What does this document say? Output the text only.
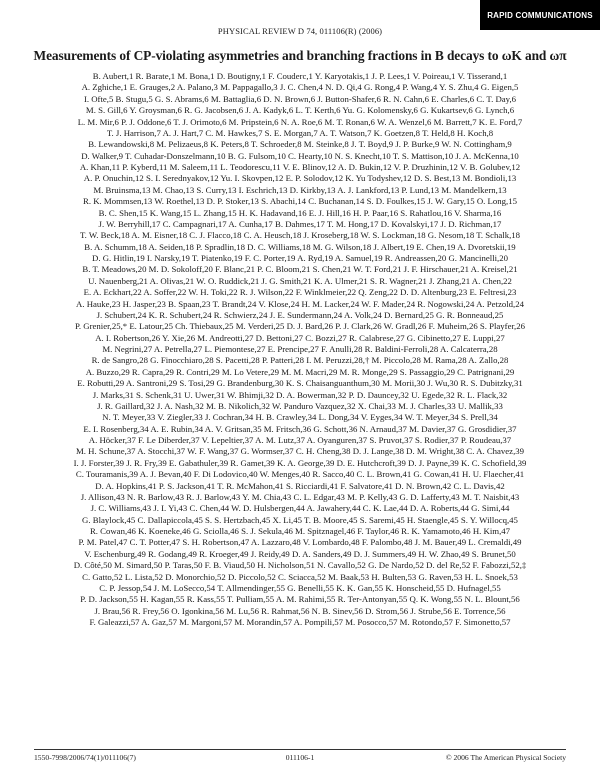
RAPID COMMUNICATIONS
PHYSICAL REVIEW D 74, 011106(R) (2006)
Measurements of CP-violating asymmetries and branching fractions in B decays to ωK and ωπ
B. Aubert,1 R. Barate,1 M. Bona,1 D. Boutigny,1 F. Couderc,1 Y. Karyotakis,1 J. P. Lees,1 V. Poireau,1 V. Tisserand,1
A. Zghiche,1 E. Grauges,2 A. Palano,3 M. Pappagallo,3 J. C. Chen,4 N. D. Qi,4 G. Rong,4 P. Wang,4 Y. S. Zhu,4 G. Eigen,5
I. Ofte,5 B. Stugu,5 G. S. Abrams,6 M. Battaglia,6 D. N. Brown,6 J. Button-Shafer,6 R. N. Cahn,6 E. Charles,6 C. T. Day,6
M. S. Gill,6 Y. Groysman,6 R. G. Jacobsen,6 J. A. Kadyk,6 L. T. Kerth,6 Yu. G. Kolomensky,6 G. Kukartsev,6 G. Lynch,6
L. M. Mir,6 P. J. Oddone,6 T. J. Orimoto,6 M. Pripstein,6 N. A. Roe,6 M. T. Ronan,6 W. A. Wenzel,6 M. Barrett,7 K. E. Ford,7
T. J. Harrison,7 A. J. Hart,7 C. M. Hawkes,7 S. E. Morgan,7 A. T. Watson,7 K. Goetzen,8 T. Held,8 H. Koch,8
B. Lewandowski,8 M. Pelizaeus,8 K. Peters,8 T. Schroeder,8 M. Steinke,8 J. T. Boyd,9 J. P. Burke,9 W. N. Cottingham,9
D. Walker,9 T. Cuhadar-Donszelmann,10 B. G. Fulsom,10 C. Hearty,10 N. S. Knecht,10 T. S. Mattison,10 J. A. McKenna,10
A. Khan,11 P. Kyberd,11 M. Saleem,11 L. Teodorescu,11 V. E. Blinov,12 A. D. Bukin,12 V. P. Druzhinin,12 V. B. Golubev,12
A. P. Onuchin,12 S. I. Serednyakov,12 Yu. I. Skovpen,12 E. P. Solodov,12 K. Yu Todyshev,12 D. S. Best,13 M. Bondioli,13
M. Bruinsma,13 M. Chao,13 S. Curry,13 I. Eschrich,13 D. Kirkby,13 A. J. Lankford,13 P. Lund,13 M. Mandelkern,13
R. K. Mommsen,13 W. Roethel,13 D. P. Stoker,13 S. Abachi,14 C. Buchanan,14 S. D. Foulkes,15 J. W. Gary,15 O. Long,15
B. C. Shen,15 K. Wang,15 L. Zhang,15 H. K. Hadavand,16 E. J. Hill,16 H. P. Paar,16 S. Rahatlou,16 V. Sharma,16
J. W. Berryhill,17 C. Campagnari,17 A. Cunha,17 B. Dahmes,17 T. M. Hong,17 D. Kovalskyi,17 J. D. Richman,17
T. W. Beck,18 A. M. Eisner,18 C. J. Flacco,18 C. A. Heusch,18 J. Kroseberg,18 W. S. Lockman,18 G. Nesom,18 T. Schalk,18
B. A. Schumm,18 A. Seiden,18 P. Spradlin,18 D. C. Williams,18 M. G. Wilson,18 J. Albert,19 E. Chen,19 A. Dvoretskii,19
D. G. Hitlin,19 I. Narsky,19 T. Piatenko,19 F. C. Porter,19 A. Ryd,19 A. Samuel,19 R. Andreassen,20 G. Mancinelli,20
B. T. Meadows,20 M. D. Sokoloff,20 F. Blanc,21 P. C. Bloom,21 S. Chen,21 W. T. Ford,21 J. F. Hirschauer,21 A. Kreisel,21
U. Nauenberg,21 A. Olivas,21 W. O. Ruddick,21 J. G. Smith,21 K. A. Ulmer,21 S. R. Wagner,21 J. Zhang,21 A. Chen,22
E. A. Eckhart,22 A. Soffer,22 W. H. Toki,22 R. J. Wilson,22 F. Winklmeier,22 Q. Zeng,22 D. D. Altenburg,23 E. Feltresi,23
A. Hauke,23 H. Jasper,23 B. Spaan,23 T. Brandt,24 V. Klose,24 H. M. Lacker,24 W. F. Mader,24 R. Nogowski,24 A. Petzold,24
J. Schubert,24 K. R. Schubert,24 R. Schwierz,24 J. E. Sundermann,24 A. Volk,24 D. Bernard,25 G. R. Bonneaud,25
P. Grenier,25,* E. Latour,25 Ch. Thiebaux,25 M. Verderi,25 D. J. Bard,26 P. J. Clark,26 W. Gradl,26 F. Muheim,26 S. Playfer,26
A. I. Robertson,26 Y. Xie,26 M. Andreotti,27 D. Bettoni,27 C. Bozzi,27 R. Calabrese,27 G. Cibinetto,27 E. Luppi,27
M. Negrini,27 A. Petrella,27 L. Piemontese,27 E. Prencipe,27 F. Anulli,28 R. Baldini-Ferroli,28 A. Calcaterra,28
R. de Sangro,28 G. Finocchiaro,28 S. Pacetti,28 P. Patteri,28 I. M. Peruzzi,28,† M. Piccolo,28 M. Rama,28 A. Zallo,28
A. Buzzo,29 R. Capra,29 R. Contri,29 M. Lo Vetere,29 M. M. Macri,29 M. R. Monge,29 S. Passaggio,29 C. Patrignani,29
E. Robutti,29 A. Santroni,29 S. Tosi,29 G. Brandenburg,30 K. S. Chaisanguanthum,30 M. Morii,30 J. Wu,30 R. S. Dubitzky,31
J. Marks,31 S. Schenk,31 U. Uwer,31 W. Bhimji,32 D. A. Bowerman,32 P. D. Dauncey,32 U. Egede,32 R. L. Flack,32
J. R. Gaillard,32 J. A. Nash,32 M. B. Nikolich,32 W. Panduro Vazquez,32 X. Chai,33 M. J. Charles,33 U. Mallik,33
N. T. Meyer,33 V. Ziegler,33 J. Cochran,34 H. B. Crawley,34 L. Dong,34 V. Eyges,34 W. T. Meyer,34 S. Prell,34
E. I. Rosenberg,34 A. E. Rubin,34 A. V. Gritsan,35 M. Fritsch,36 G. Schott,36 N. Arnaud,37 M. Davier,37 G. Grosdidier,37
A. Höcker,37 F. Le Diberder,37 V. Lepeltier,37 A. M. Lutz,37 A. Oyanguren,37 S. Pruvot,37 S. Rodier,37 P. Roudeau,37
M. H. Schune,37 A. Stocchi,37 W. F. Wang,37 G. Wormser,37 C. H. Cheng,38 D. J. Lange,38 D. M. Wright,38 C. A. Chavez,39
I. J. Forster,39 J. R. Fry,39 E. Gabathuler,39 R. Gamet,39 K. A. George,39 D. E. Hutchcroft,39 D. J. Payne,39 K. C. Schofield,39
C. Touramanis,39 A. J. Bevan,40 F. Di Lodovico,40 W. Menges,40 R. Sacco,40 C. L. Brown,41 G. Cowan,41 H. U. Flaecher,41
D. A. Hopkins,41 P. S. Jackson,41 T. R. McMahon,41 S. Ricciardi,41 F. Salvatore,41 D. N. Brown,42 C. L. Davis,42
J. Allison,43 N. R. Barlow,43 R. J. Barlow,43 Y. M. Chia,43 C. L. Edgar,43 M. P. Kelly,43 G. D. Lafferty,43 M. T. Naisbit,43
J. C. Williams,43 J. I. Yi,43 C. Chen,44 W. D. Hulsbergen,44 A. Jawahery,44 C. K. Lae,44 D. A. Roberts,44 G. Simi,44
G. Blaylock,45 C. Dallapiccola,45 S. S. Hertzbach,45 X. Li,45 T. B. Moore,45 S. Saremi,45 H. Staengle,45 S. Y. Willocq,45
R. Cowan,46 K. Koeneke,46 G. Sciolla,46 S. J. Sekula,46 M. Spitznagel,46 F. Taylor,46 R. K. Yamamoto,46 H. Kim,47
P. M. Patel,47 C. T. Potter,47 S. H. Robertson,47 A. Lazzaro,48 V. Lombardo,48 F. Palombo,48 J. M. Bauer,49 L. Cremaldi,49
V. Eschenburg,49 R. Godang,49 R. Kroeger,49 J. Reidy,49 D. A. Sanders,49 D. J. Summers,49 H. W. Zhao,49 S. Brunet,50
D. Côté,50 M. Simard,50 P. Taras,50 F. B. Viaud,50 H. Nicholson,51 N. Cavallo,52 G. De Nardo,52 D. del Re,52 F. Fabozzi,52,‡
C. Gatto,52 L. Lista,52 D. Monorchio,52 D. Piccolo,52 C. Sciacca,52 M. Baak,53 H. Bulten,53 G. Raven,53 H. L. Snoek,53
C. P. Jessop,54 J. M. LoSecco,54 T. Allmendinger,55 G. Benelli,55 K. K. Gan,55 K. Honscheid,55 D. Hufnagel,55
P. D. Jackson,55 H. Kagan,55 R. Kass,55 T. Pulliam,55 A. M. Rahimi,55 R. Ter-Antonyan,55 Q. K. Wong,55 N. L. Blount,56
J. Brau,56 R. Frey,56 O. Igonkina,56 M. Lu,56 R. Rahmat,56 N. B. Sinev,56 D. Strom,56 J. Strube,56 E. Torrence,56
F. Galeazzi,57 A. Gaz,57 M. Margoni,57 M. Morandin,57 A. Pompili,57 M. Posocco,57 M. Rotondo,57 F. Simonetto,57
1550-7998/2006/74(1)/011106(7)	011106-1	© 2006 The American Physical Society
